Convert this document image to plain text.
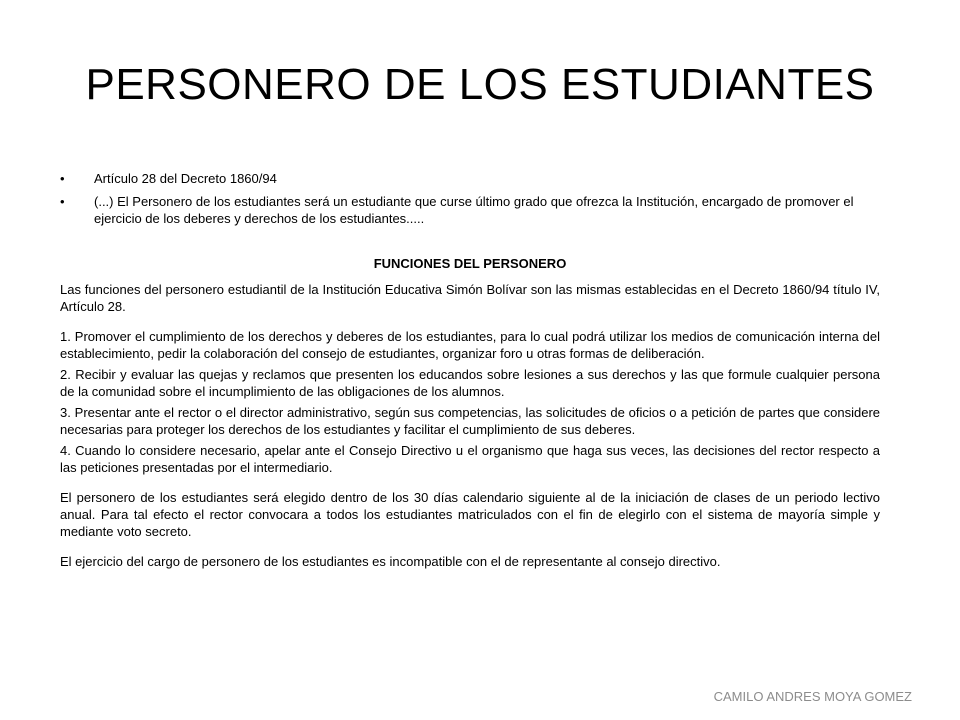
PERSONERO DE LOS ESTUDIANTES
• Artículo 28 del Decreto 1860/94
• (...) El Personero de los estudiantes será un estudiante que curse último grado que ofrezca la Institución, encargado de promover el ejercicio de los deberes y derechos de los estudiantes.....
FUNCIONES DEL PERSONERO

Las funciones del personero estudiantil de la Institución Educativa Simón Bolívar son las mismas establecidas en el Decreto 1860/94 título IV, Artículo 28.

1. Promover el cumplimiento de los derechos y deberes de los estudiantes, para lo cual podrá utilizar los medios de comunicación interna del establecimiento, pedir la colaboración del consejo de estudiantes, organizar foro u otras formas de deliberación.

2. Recibir y evaluar las quejas y reclamos que presenten los educandos sobre lesiones a sus derechos y las que formule cualquier persona de la comunidad sobre el incumplimiento de las obligaciones de los alumnos.

3. Presentar ante el rector o el director administrativo, según sus competencias, las solicitudes de oficios o a petición de partes que considere necesarias para proteger los derechos de los estudiantes y facilitar el cumplimiento de sus deberes.

4. Cuando lo considere necesario, apelar ante el Consejo Directivo u el organismo que haga sus veces, las decisiones del rector respecto a las peticiones presentadas por el intermediario.

El personero de los estudiantes será elegido dentro de los 30 días calendario siguiente al de la iniciación de clases de un periodo lectivo anual. Para tal efecto el rector convocara a todos los estudiantes matriculados con el fin de elegirlo con el sistema de mayoría simple y mediante voto secreto.

El ejercicio del cargo de personero de los estudiantes es incompatible con el de representante al consejo directivo.

CAMILO ANDRES MOYA GOMEZ
